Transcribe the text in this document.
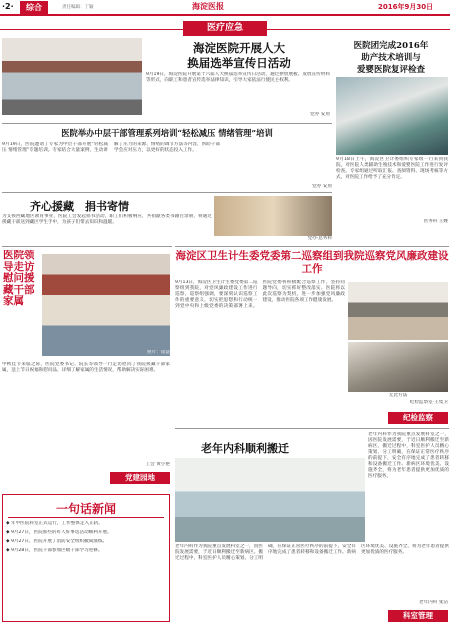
·2·	综合	责任编辑：丁颖	海淀医报	2016年9月30日
医疗应急
海淀医院开展人大
换届选举宣传日活动
9月19日，海淀医院开展第十六届人大换届选举宣传日活动，通过摆放展板、发放宣传材料等形式，向职工和患者宣传选举法律知识，引导大家依法行使民主权利。
党办 安煎
医院团完成2016年
助产技术培训与
爱婴医院复评检查
9月18日上午，海淀区卫计委组织专家组一行来到我院，对医院人类辅助生殖技术和爱婴医院工作进行复评检查。专家组通过听取汇报、查阅资料、现场考核等方式，对医院工作给予了充分肯定。
医务科 王娷
医院举办中层干部管理系列培训“轻松减压 情绪管理”培训
9月19日，医院邀请了专家为中层干部开展“轻松减压 情绪管理”专题培训。专家结合大量案例，生动讲解了压力的来源、情绪的调节方法等内容，帮助干部学会应对压力，以更好的状态投入工作。
党办 安煎
齐心援藏　捐书寄情
为支援西藏地区教育事业，医院工会发起捐书活动，职工们积极响应，共捐献各类书籍百余册，将通过援藏干部送到藏区学生手中，为孩子们带去知识和温暖。
党办·总务科
医院领导走访慰问援藏干部家属
照片：徐慧
中秋佳节来临之际，医院党委书记、院长等领导一行走访慰问了我院援藏干部家属，送上节日祝福和慰问品，详细了解家属的生活情况，帮助解决实际困难。
工会 黄小艳
党建园地
一句话新闻
◆ 年甲医院科室正式运行，工作整体走入正轨。
◆ 9月27日，医院那些的好人好事选活动顺利开展。
◆ 9月27日，医院开展了消防安全组织撤离演练。
◆ 9月28日，医院干部参加区级干部学习进修。
海淀区卫生计生委党委第二巡察组到我院巡察党风廉政建设工作
9月13日，海淀区卫生计生委党委第二巡察组到我院，对党风廉政建设工作进行巡察。巡察组强调，要深刻认识巡察工作的重要意义，切实把思想和行动统一到党中央和上级党委的决策部署上来。医院党委将积极配合巡察工作，坚持问题导向，切实抓好整改落实。医院将以此次巡察为契机，进一步加强党风廉政建设，推动医院各项工作健康发展。
无比方法
纪检监察室·王集卫
纪检监察
老年内科顺利搬迁
老年内科作为我院重点发展科室之一，因医院发展需要，于近日顺利搬迁至新病区。搬迁过程中，科室医护人员精心策划、分工明确，在保证正常医疗秩序的前提下，安全有序地完成了患者转移和设备搬迁工作。新病区环境优美、设施齐全，将为老年患者提供更加优质的医疗服务。
老年内科作为我院重点发展科室之一，因医院发展需要，于近日顺利搬迁至新病区。搬迁过程中，科室医护人员精心策划、分工明确，在保证正常医疗秩序的前提下，安全有序地完成了患者转移和设备搬迁工作。新病区环境优美、设施齐全，将为老年患者提供更加优质的医疗服务。
老年内科 张洁
科室管理
